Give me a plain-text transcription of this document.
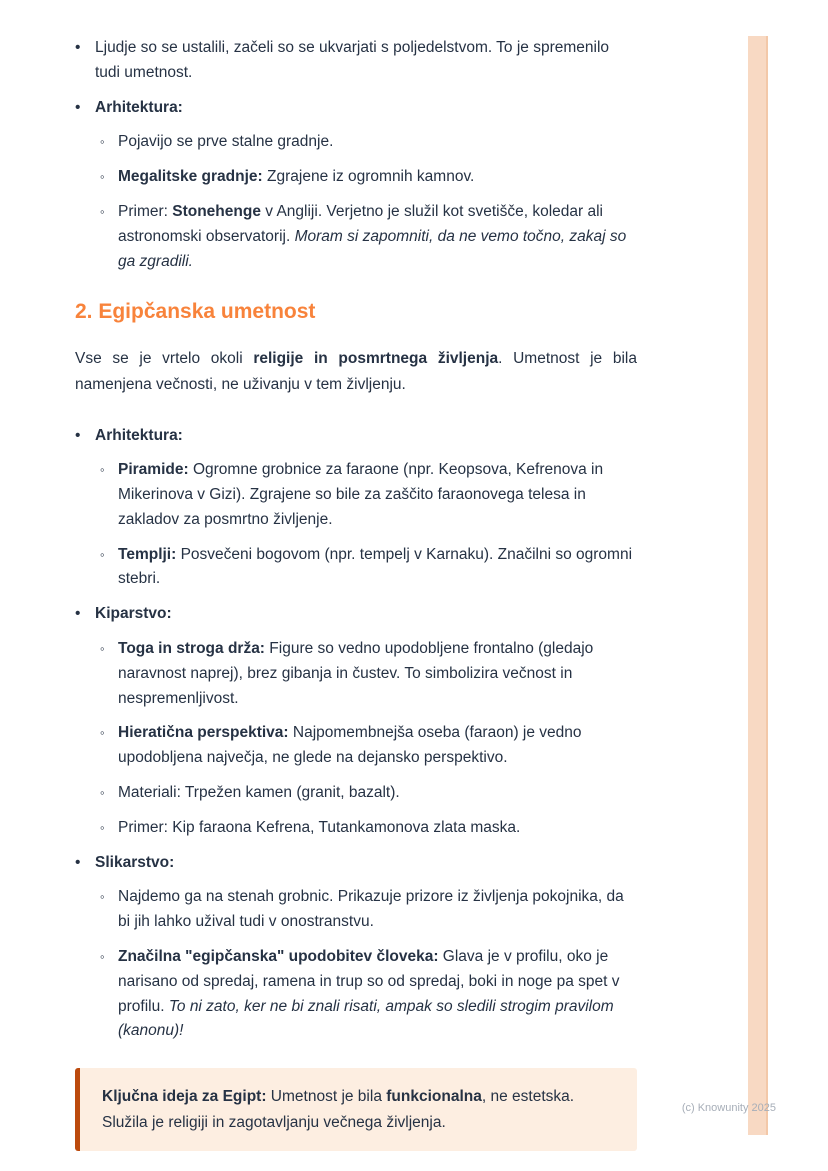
• Ljudje so se ustalili, začeli so se ukvarjati s poljedelstvom. To je spremenilo tudi umetnost.
• Arhitektura:
◦ Pojavijo se prve stalne gradnje.
◦ Megalitske gradnje: Zgrajene iz ogromnih kamnov.
◦ Primer: Stonehenge v Angliji. Verjetno je služil kot svetišče, koledar ali astronomski observatorij. Moram si zapomniti, da ne vemo točno, zakaj so ga zgradili.
2. Egipčanska umetnost

Vse se je vrtelo okoli religije in posmrtnega življenja. Umetnost je bila namenjena večnosti, ne uživanju v tem življenju.

• Arhitektura:
◦ Piramide: Ogromne grobnice za faraone (npr. Keopsova, Kefrenova in Mikerinova v Gizi). Zgrajene so bile za zaščito faraonovega telesa in zakladov za posmrtno življenje.
◦ Templji: Posvečeni bogovom (npr. tempelj v Karnaku). Značilni so ogromni stebri.
• Kiparstvo:
◦ Toga in stroga drža: Figure so vedno upodobljene frontalno (gledajo naravnost naprej), brez gibanja in čustev. To simbolizira večnost in nespremenljivost.
◦ Hieratična perspektiva: Najpomembnejša oseba (faraon) je vedno upodobljena največja, ne glede na dejansko perspektivo.
◦ Materiali: Trpežen kamen (granit, bazalt).
◦ Primer: Kip faraona Kefrena, Tutankamonova zlata maska.
• Slikarstvo:
◦ Najdemo ga na stenah grobnic. Prikazuje prizore iz življenja pokojnika, da bi jih lahko užival tudi v onostranstvu.
◦ Značilna "egipčanska" upodobitev človeka: Glava je v profilu, oko je narisano od spredaj, ramena in trup so od spredaj, boki in noge pa spet v profilu. To ni zato, ker ne bi znali risati, ampak so sledili strogim pravilom (kanonu)!

Ključna ideja za Egipt: Umetnost je bila funkcionalna, ne estetska. Služila je religiji in zagotavljanju večnega življenja.

(c) Knowunity 2025
